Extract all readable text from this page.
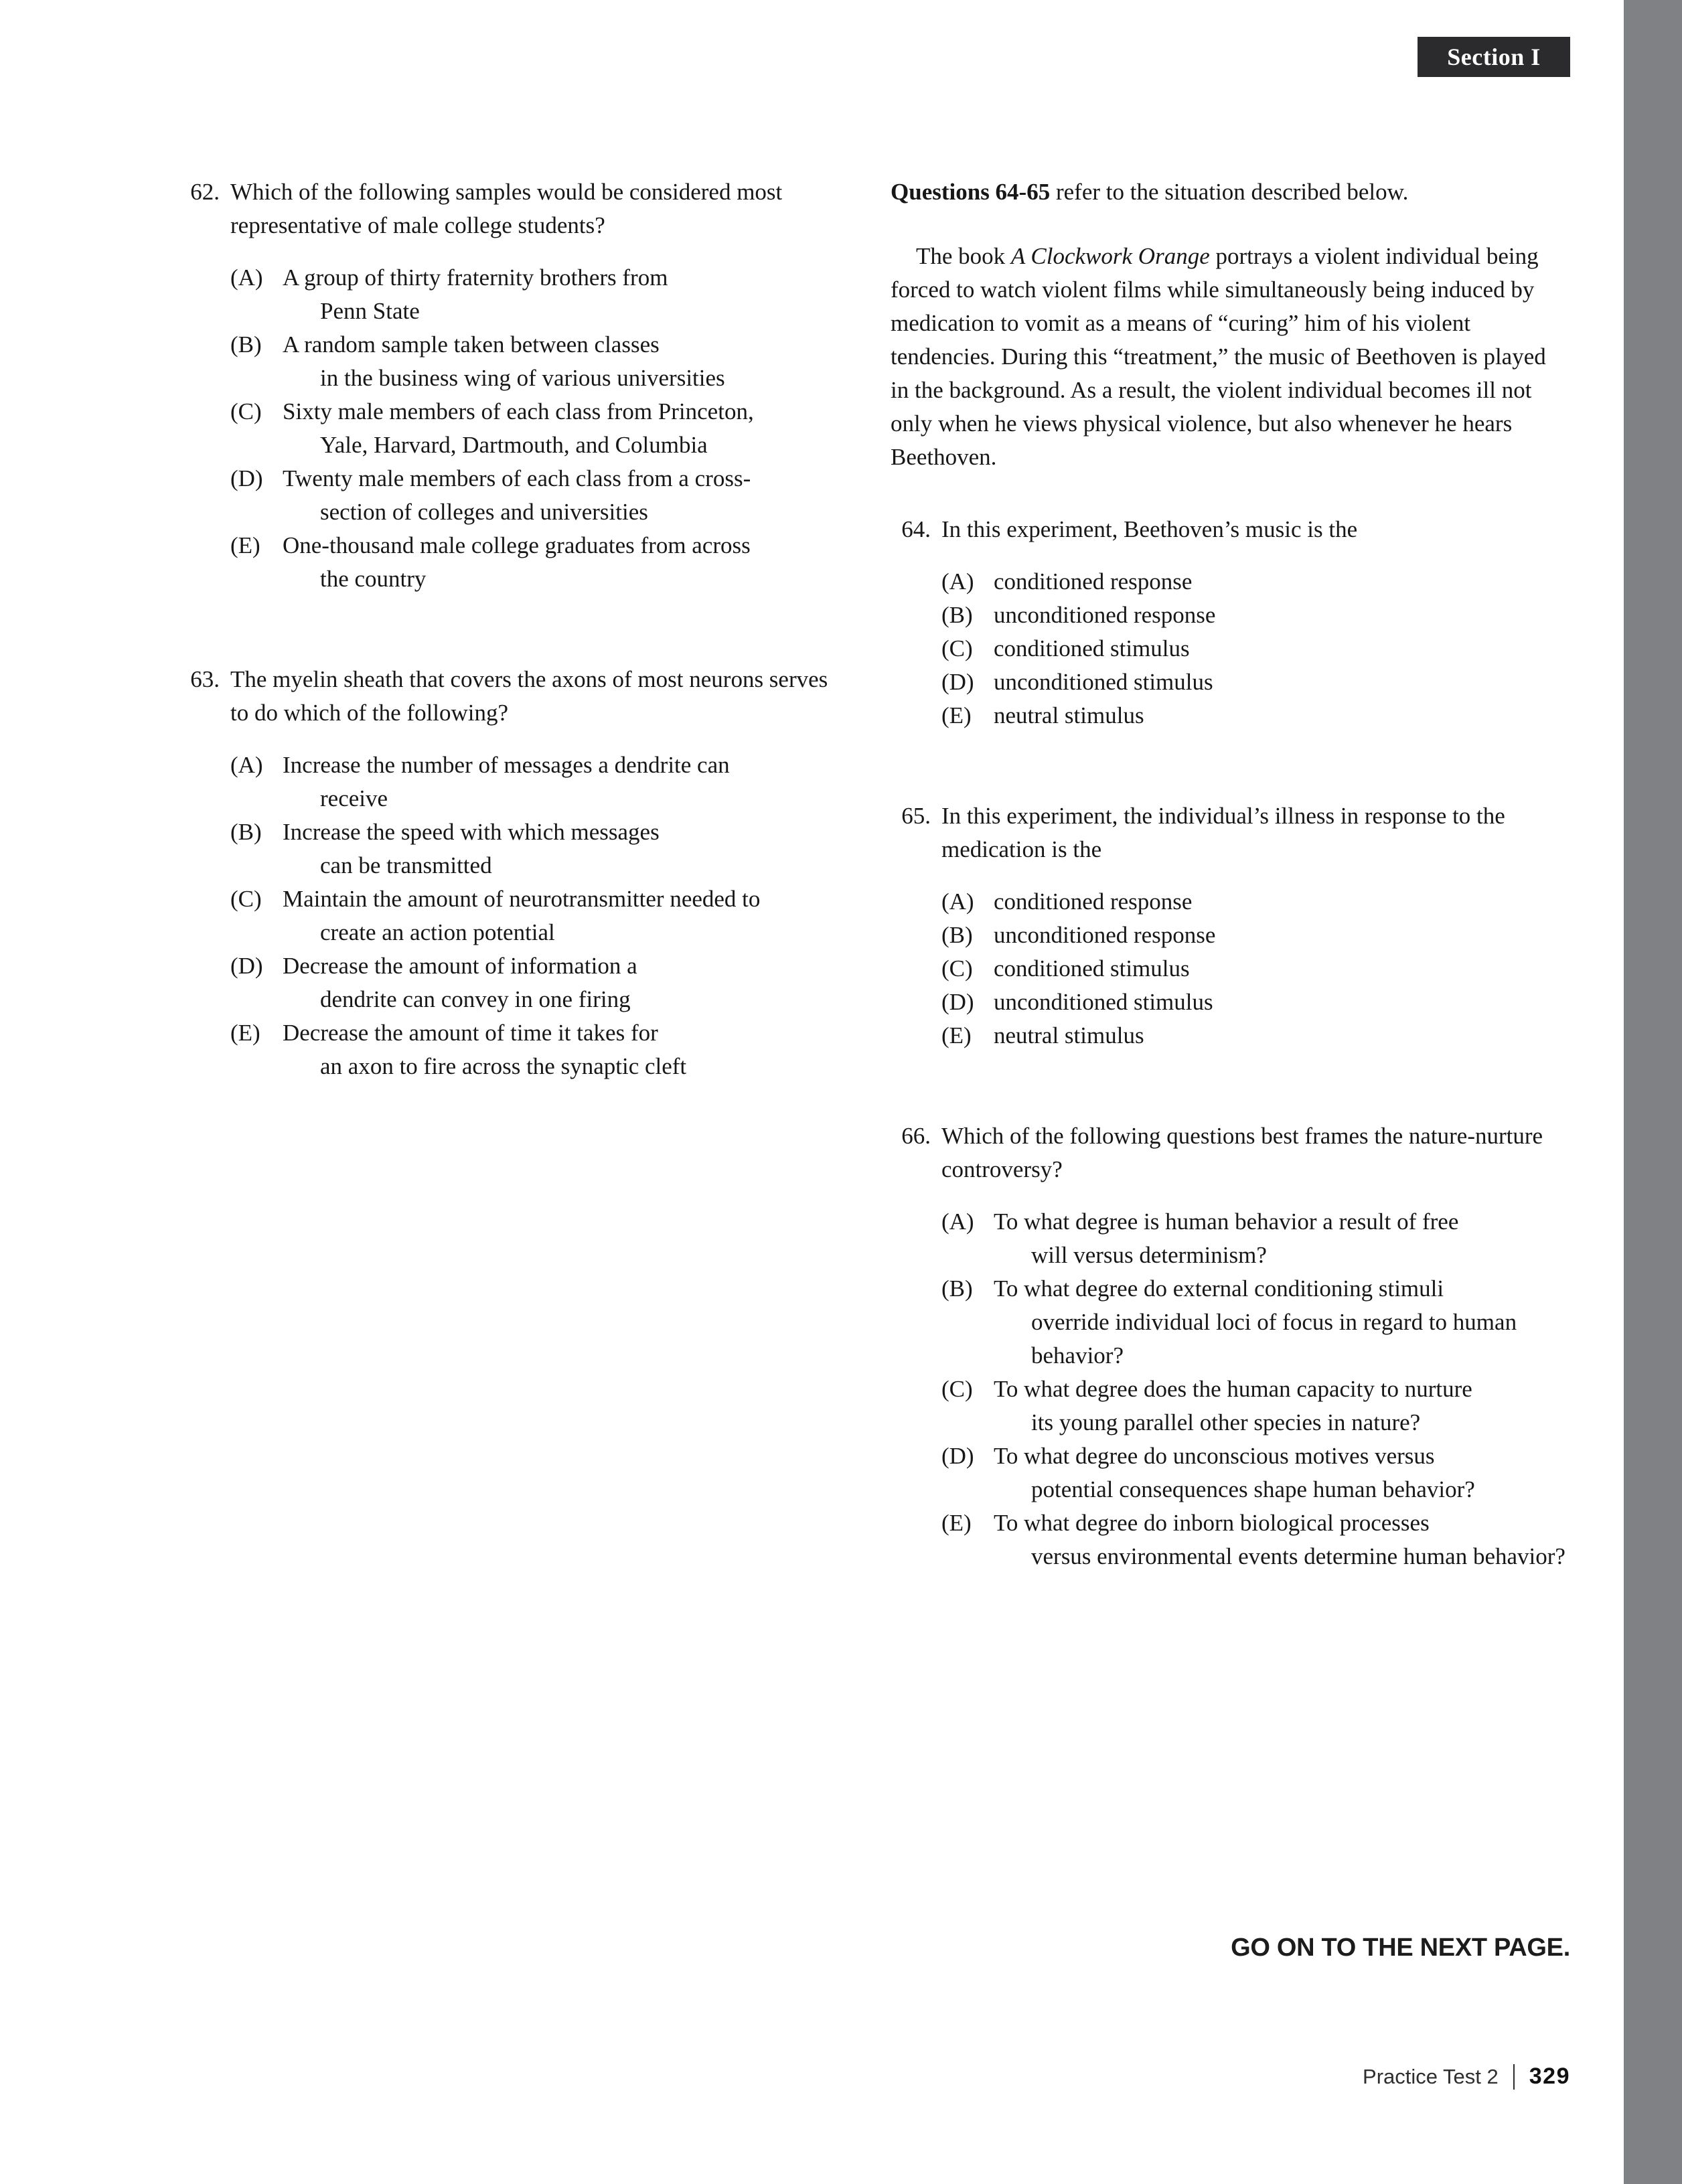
Section I
62. Which of the following samples would be considered most representative of male college students?
(A) A group of thirty fraternity brothers from
Penn State
(B) A random sample taken between classes
in the business wing of various universities
(C) Sixty male members of each class from Princeton,
Yale, Harvard, Dartmouth, and Columbia
(D) Twenty male members of each class from a cross-
section of colleges and universities
(E) One-thousand male college graduates from across
the country
63. The myelin sheath that covers the axons of most neurons serves to do which of the following?
(A) Increase the number of messages a dendrite can
receive
(B) Increase the speed with which messages
can be transmitted
(C) Maintain the amount of neurotransmitter needed to
create an action potential
(D) Decrease the amount of information a
dendrite can convey in one firing
(E) Decrease the amount of time it takes for
an axon to fire across the synaptic cleft
Questions 64-65 refer to the situation described below.
The book A Clockwork Orange portrays a violent individual being forced to watch violent films while simultaneously being induced by medication to vomit as a means of “curing” him of his violent tendencies. During this “treatment,” the music of Beethoven is played in the background. As a result, the violent individual becomes ill not only when he views physical violence, but also whenever he hears Beethoven.
64. In this experiment, Beethoven’s music is the
(A) conditioned response
(B) unconditioned response
(C) conditioned stimulus
(D) unconditioned stimulus
(E) neutral stimulus
65. In this experiment, the individual’s illness in response to the medication is the
(A) conditioned response
(B) unconditioned response
(C) conditioned stimulus
(D) unconditioned stimulus
(E) neutral stimulus
66. Which of the following questions best frames the nature-nurture controversy?
(A) To what degree is human behavior a result of free
will versus determinism?
(B) To what degree do external conditioning stimuli
override individual loci of focus in regard to human behavior?
(C) To what degree does the human capacity to nurture
its young parallel other species in nature?
(D) To what degree do unconscious motives versus
potential consequences shape human behavior?
(E) To what degree do inborn biological processes
versus environmental events determine human behavior?
GO ON TO THE NEXT PAGE.
Practice Test 2 329
